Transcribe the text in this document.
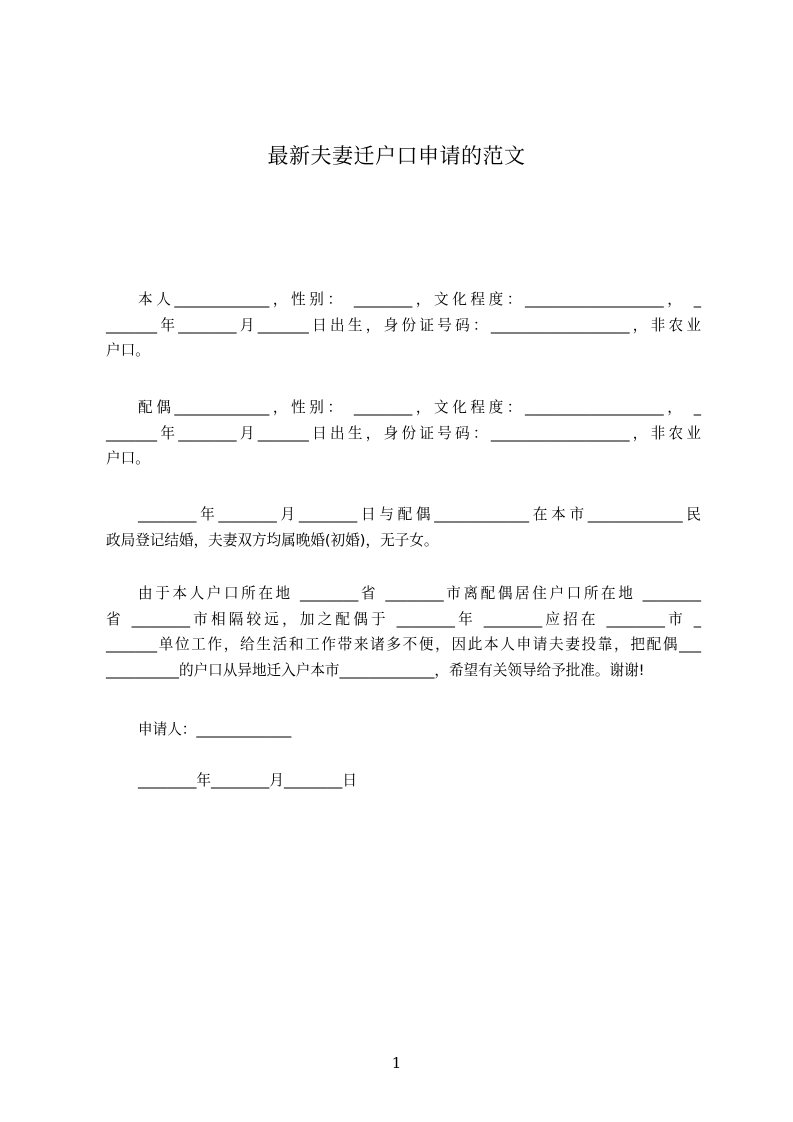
最新夫妻迁户口申请的范文
本人_____________，性别： ________，文化程度：___________________， _
_______年________月_______日出生，身份证号码：___________________，非农业
户口。
配偶_____________，性别： ________，文化程度：___________________， _
_______年________月_______日出生，身份证号码：___________________，非农业
户口。
________年________月________日与配偶_____________在本市_____________民
政局登记结婚，夫妻双方均属晚婚(初婚)，无子女。
由于本人户口所在地 ________省 ________市离配偶居住户口所在地 ________
省 ________市相隔较远，加之配偶于 ________年 ________应招在 ________市 _
_______单位工作，给生活和工作带来诸多不便，因此本人申请夫妻投靠，把配偶___
__________的户口从异地迁入户本市_____________，希望有关领导给予批准。谢谢!
申请人：_____________
________年________月________日
1
